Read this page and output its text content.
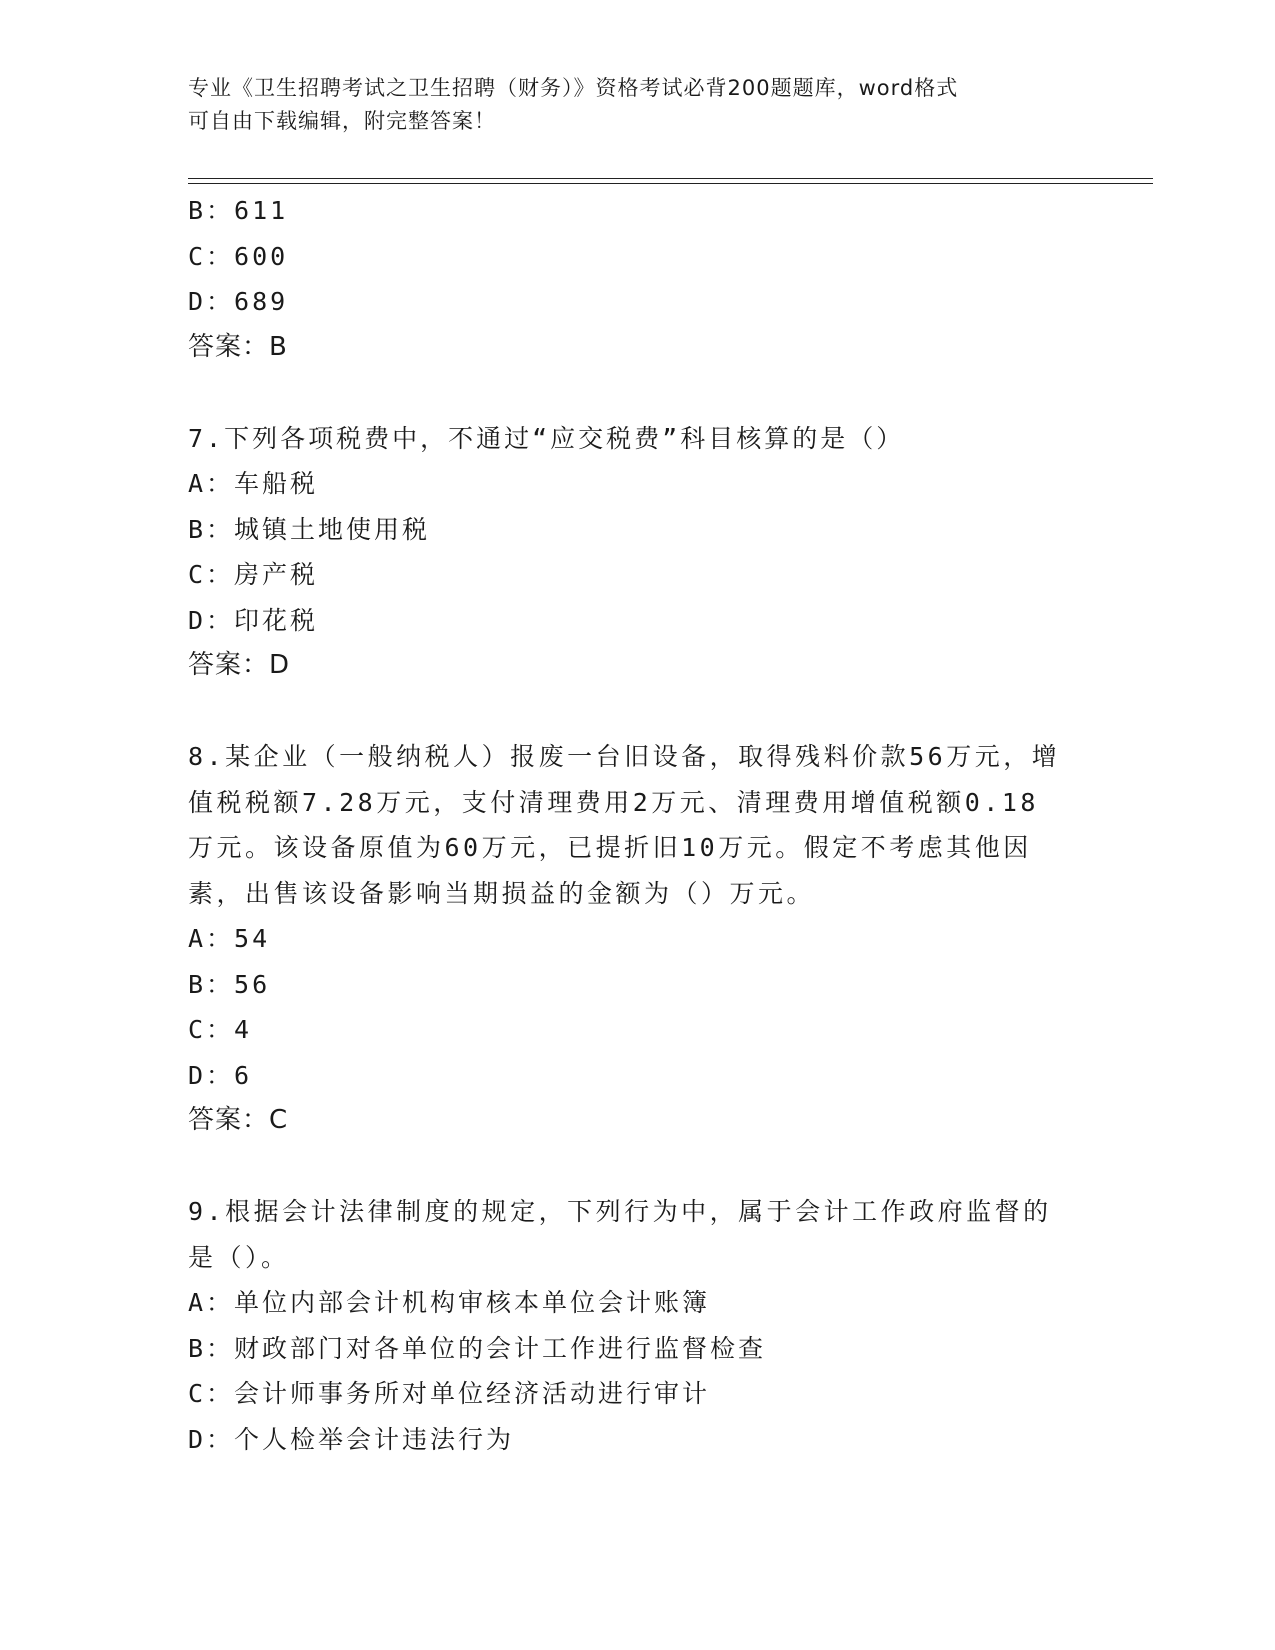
专业《卫生招聘考试之卫生招聘（财务）》资格考试必背200题题库，word格式
可自由下载编辑，附完整答案！
B：611
C：600
D：689
答案：B
7.下列各项税费中，不通过“应交税费”科目核算的是（）
A：车船税
B：城镇土地使用税
C：房产税
D：印花税
答案：D
8.某企业（一般纳税人）报废一台旧设备，取得残料价款56万元，增
值税税额7.28万元，支付清理费用2万元、清理费用增值税额0.18
万元。该设备原值为60万元，已提折旧10万元。假定不考虑其他因
素，出售该设备影响当期损益的金额为（）万元。
A：54
B：56
C：4
D：6
答案：C
9.根据会计法律制度的规定，下列行为中，属于会计工作政府监督的
是（）。
A：单位内部会计机构审核本单位会计账簿
B：财政部门对各单位的会计工作进行监督检查
C：会计师事务所对单位经济活动进行审计
D：个人检举会计违法行为
